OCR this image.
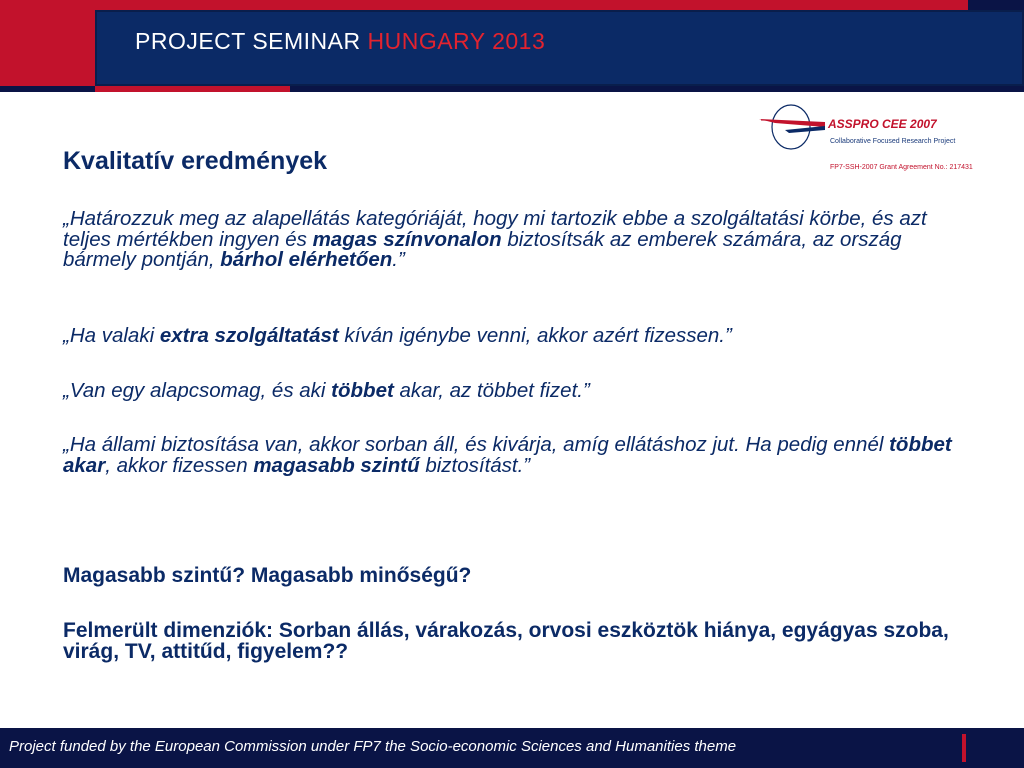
PROJECT SEMINAR HUNGARY 2013
ASSPRO CEE 2007
Collaborative Focused Research Project
FP7-SSH-2007 Grant Agreement No.: 217431
Kvalitatív eredmények

„Határozzuk meg az alapellátás kategóriáját, hogy mi tartozik ebbe a szolgáltatási körbe, és azt teljes mértékben ingyen és magas színvonalon biztosítsák az emberek számára, az ország bármely pontján, bárhol elérhetően.”

„Ha valaki extra szolgáltatást kíván igénybe venni, akkor azért fizessen.”

„Van egy alapcsomag, és aki többet akar, az többet fizet.”

„Ha állami biztosítása van, akkor sorban áll, és kivárja, amíg ellátáshoz jut. Ha pedig ennél többet akar, akkor fizessen magasabb szintű biztosítást.”

Magasabb szintű? Magasabb minőségű?

Felmerült dimenziók: Sorban állás, várakozás, orvosi eszköztök hiánya, egyágyas szoba, virág, TV, attitűd, figyelem??

Project funded by the European Commission under FP7 the Socio-economic Sciences and Humanities theme
